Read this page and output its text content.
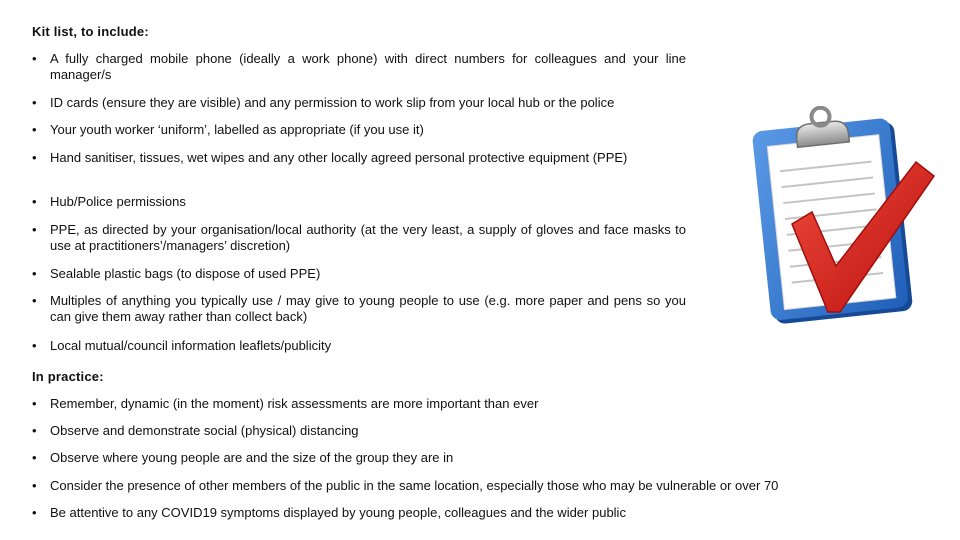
Kit list, to include:
•	A fully charged mobile phone (ideally a work phone) with direct numbers for colleagues and your line manager/s
•	ID cards (ensure they are visible) and any permission to work slip from your local hub or the police
•	Your youth worker ‘uniform’, labelled as appropriate (if you use it)
•	Hand sanitiser, tissues, wet wipes and any other locally agreed personal protective equipment (PPE)
•	Hub/Police permissions
•	PPE, as directed by your organisation/local authority (at the very least, a supply of gloves and face masks to use at practitioners’/managers’ discretion)
•	Sealable plastic bags (to dispose of used PPE)
•	Multiples of anything you typically use / may give to young people to use (e.g. more paper and pens so you can give them away rather than collect back)
•	Local mutual/council information leaflets/publicity
In practice:
•	Remember, dynamic (in the moment) risk assessments are more important than ever
•	Observe and demonstrate social (physical) distancing
•	Observe where young people are and the size of the group they are in
•	Consider the presence of other members of the public in the same location, especially those who may be vulnerable or over 70
•	Be attentive to any COVID19 symptoms displayed by young people, colleagues and the wider public
